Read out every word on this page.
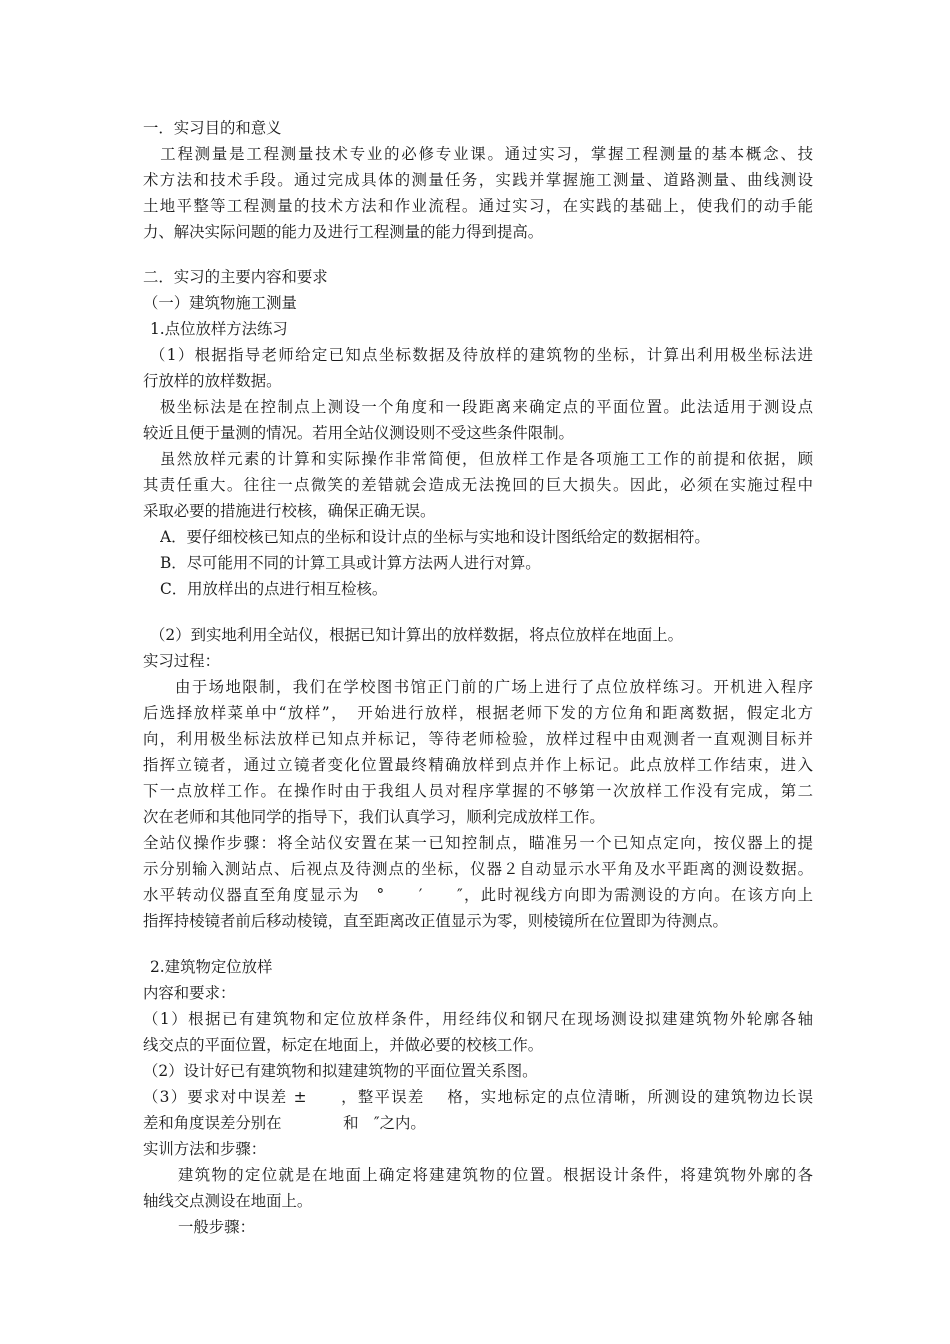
一．实习目的和意义
　工程测量是工程测量技术专业的必修专业课。通过实习，掌握工程测量的基本概念、技
术方法和技术手段。通过完成具体的测量任务，实践并掌握施工测量、道路测量、曲线测设
土地平整等工程测量的技术方法和作业流程。通过实习，在实践的基础上，使我们的动手能
力、解决实际问题的能力及进行工程测量的能力得到提高。
二．实习的主要内容和要求
（一）建筑物施工测量
1.点位放样方法练习
（1）根据指导老师给定已知点坐标数据及待放样的建筑物的坐标，计算出利用极坐标法进
行放样的放样数据。
极坐标法是在控制点上测设一个角度和一段距离来确定点的平面位置。此法适用于测设点
较近且便于量测的情况。若用全站仪测设则不受这些条件限制。
虽然放样元素的计算和实际操作非常简便，但放样工作是各项施工工作的前提和依据，顾
其责任重大。往往一点微笑的差错就会造成无法挽回的巨大损失。因此，必须在实施过程中
采取必要的措施进行校核，确保正确无误。
A．要仔细校核已知点的坐标和设计点的坐标与实地和设计图纸给定的数据相符。
B．尽可能用不同的计算工具或计算方法两人进行对算。
C．用放样出的点进行相互检核。
（2）到实地利用全站仪，根据已知计算出的放样数据，将点位放样在地面上。
实习过程：
由于场地限制，我们在学校图书馆正门前的广场上进行了点位放样练习。开机进入程序
后选择放样菜单中“放样”，　开始进行放样，根据老师下发的方位角和距离数据，假定北方
向，利用极坐标法放样已知点并标记，等待老师检验，放样过程中由观测者一直观测目标并
指挥立镜者，通过立镜者变化位置最终精确放样到点并作上标记。此点放样工作结束，进入
下一点放样工作。在操作时由于我组人员对程序掌握的不够第一次放样工作没有完成，第二
次在老师和其他同学的指导下，我们认真学习，顺利完成放样工作。
全站仪操作步骤：将全站仪安置在某一已知控制点，瞄准另一个已知点定向，按仪器上的提
示分别输入测站点、后视点及待测点的坐标，仪器２自动显示水平角及水平距离的测设数据。
水平转动仪器直至角度显示为　°　　′　　″，此时视线方向即为需测设的方向。在该方向上
指挥持棱镜者前后移动棱镜，直至距离改正值显示为零，则棱镜所在位置即为待测点。
2.建筑物定位放样
内容和要求：
（1）根据已有建筑物和定位放样条件，用经纬仪和钢尺在现场测设拟建建筑物外轮廓各轴
线交点的平面位置，标定在地面上，并做必要的校核工作。
（2）设计好已有建筑物和拟建建筑物的平面位置关系图。
（3）要求对中误差 ±　　，整平误差　 格，实地标定的点位清晰，所测设的建筑物边长误
差和角度误差分别在　　　　和　″之内。
实训方法和步骤：
建筑物的定位就是在地面上确定将建建筑物的位置。根据设计条件，将建筑物外廓的各
轴线交点测设在地面上。
一般步骤：
